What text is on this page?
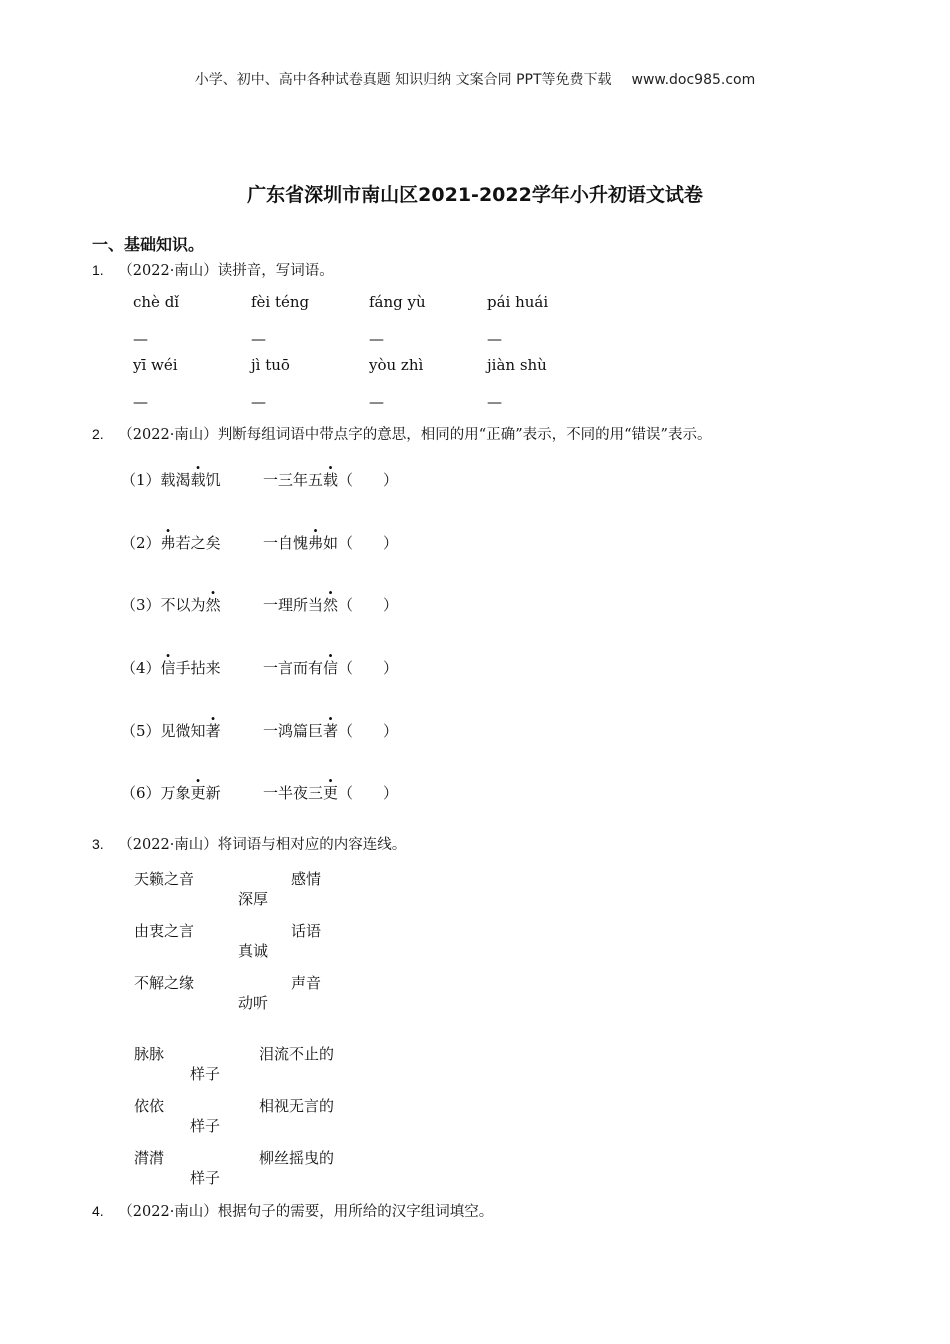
小学、初中、高中各种试卷真题 知识归纳 文案合同 PPT等免费下载 www.doc985.com
广东省深圳市南山区2021-2022学年小升初语文试卷
一、基础知识。
1. （2022·南山）读拼音，写词语。
chè dǐ	fèi téng	fáng yù	pái huái
—	—	—	—
yī wéi	jì tuō	yòu zhì	jiàn shù
—	—	—	—
2. （2022·南山）判断每组词语中带点字的意思，相同的用“正确”表示，不同的用“错误”表示。
（1）载渴载饥	一三年五载（　　）
（2）弗若之矣	一自愧弗如（　　）
（3）不以为然	一理所当然（　　）
（4）信手拈来	一言而有信（　　）
（5）见微知著	一鸿篇巨著（　　）
（6）万象更新	一半夜三更（　　）
3. （2022·南山）将词语与相对应的内容连线。
天籁之音	感情
深厚
由衷之言	话语
真诚
不解之缘	声音
动听
脉脉	泪流不止的
样子
依依	相视无言的
样子
潸潸	柳丝摇曳的
样子
4. （2022·南山）根据句子的需要，用所给的汉字组词填空。
